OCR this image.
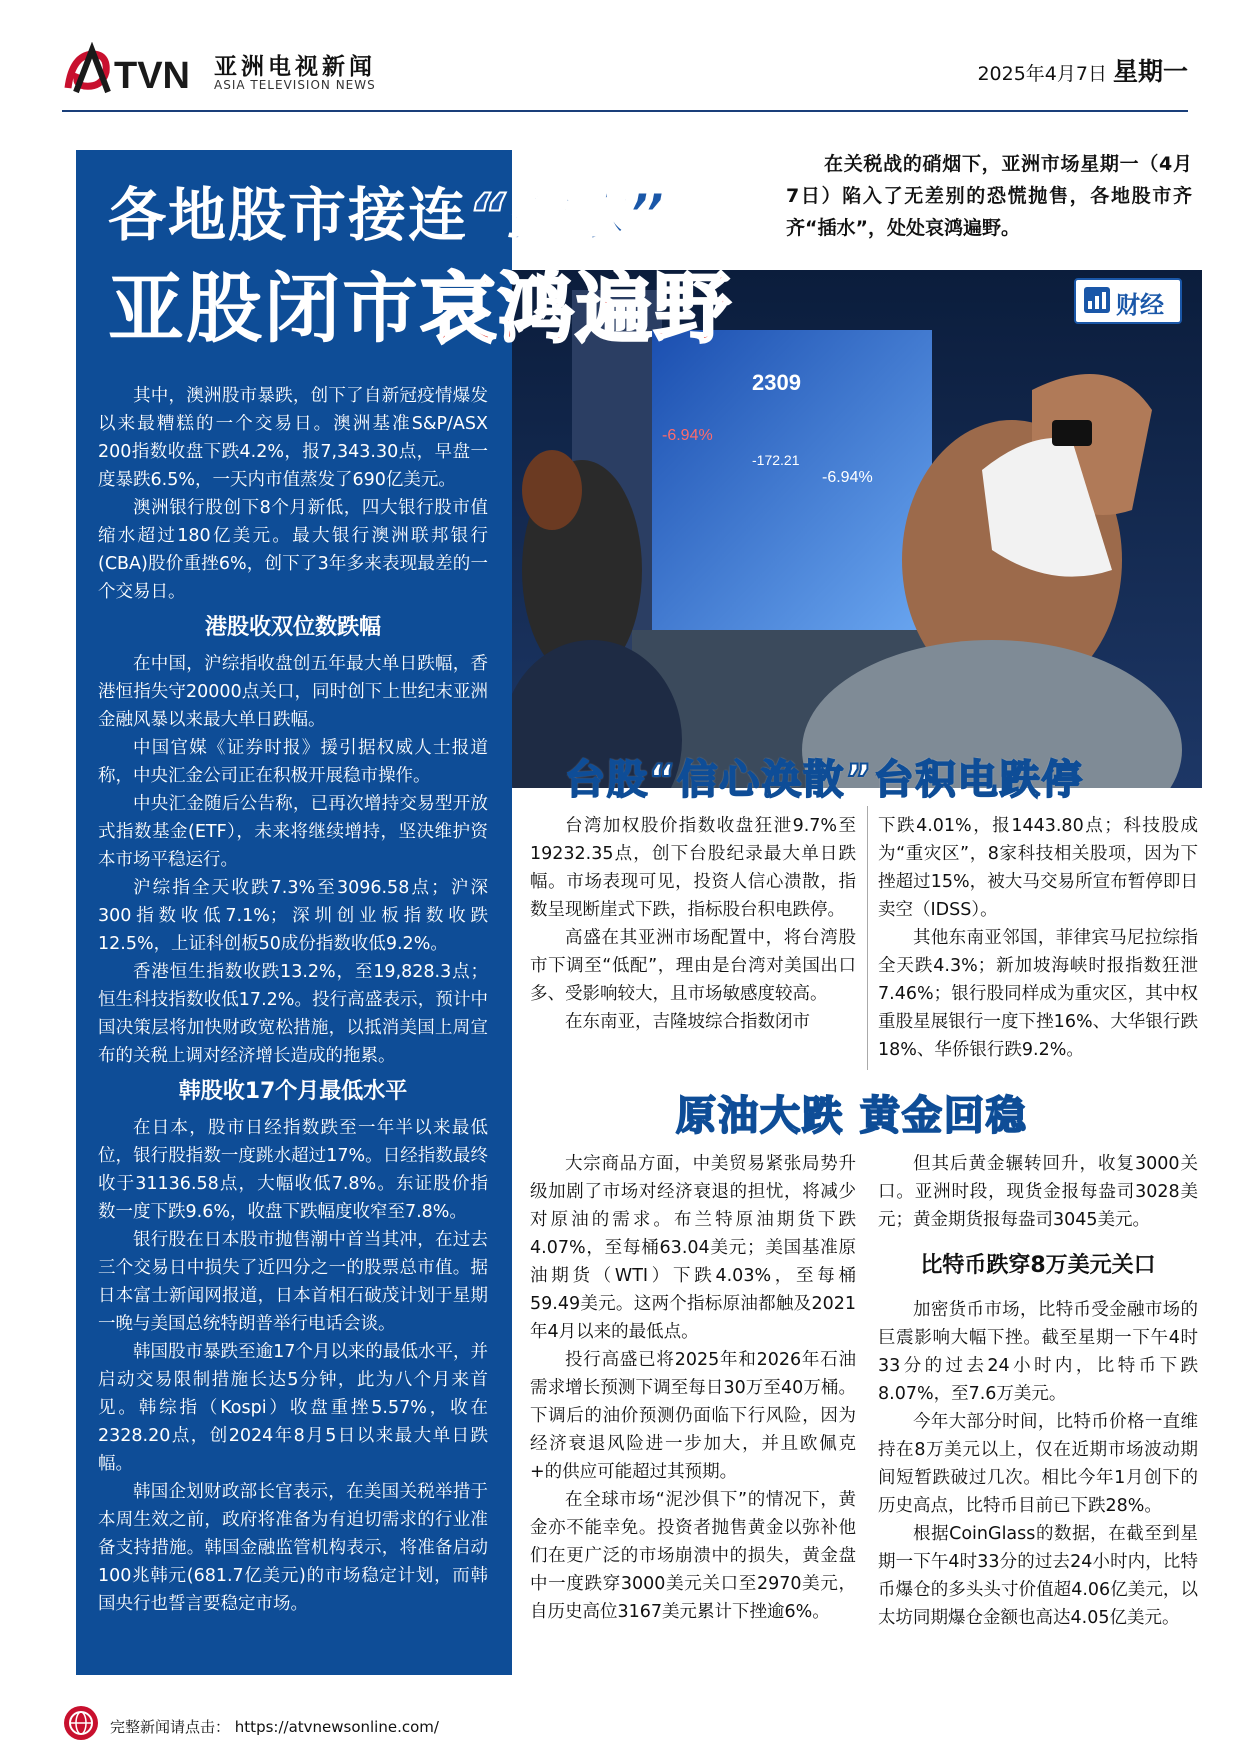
TVN 亚洲电视新闻
ASIA TELEVISION NEWS	2025年4月7日 星期一
2309
-6.94%
-6.94%
-172.21
各地股市接连“插水”
亚股闭市哀鸿遍野
在关税战的硝烟下，亚洲市场星期一（4月7日）陷入了无差别的恐慌抛售，各地股市齐齐“插水”，处处哀鸿遍野。
财经

其中，澳洲股市暴跌，创下了自新冠疫情爆发以来最糟糕的一个交易日。澳洲基准S&P/ASX 200指数收盘下跌4.2%，报7,343.30点，早盘一度暴跌6.5%，一天内市值蒸发了690亿美元。

澳洲银行股创下8个月新低，四大银行股市值缩水超过180亿美元。最大银行澳洲联邦银行(CBA)股价重挫6%，创下了3年多来表现最差的一个交易日。

港股收双位数跌幅

在中国，沪综指收盘创五年最大单日跌幅，香港恒指失守20000点关口，同时创下上世纪末亚洲金融风暴以来最大单日跌幅。

中国官媒《证券时报》援引据权威人士报道称，中央汇金公司正在积极开展稳市操作。

中央汇金随后公告称，已再次增持交易型开放式指数基金(ETF），未来将继续增持，坚决维护资本市场平稳运行。

沪综指全天收跌7.3%至3096.58点；沪深300指数收低7.1%；深圳创业板指数收跌12.5%，上证科创板50成份指数收低9.2%。

香港恒生指数收跌13.2%，至19,828.3点；恒生科技指数收低17.2%。投行高盛表示，预计中国决策层将加快财政宽松措施，以抵消美国上周宣布的关税上调对经济增长造成的拖累。

韩股收17个月最低水平

在日本，股市日经指数跌至一年半以来最低位，银行股指数一度跳水超过17%。日经指数最终收于31136.58点，大幅收低7.8%。东证股价指数一度下跌9.6%，收盘下跌幅度收窄至7.8%。

银行股在日本股市抛售潮中首当其冲，在过去三个交易日中损失了近四分之一的股票总市值。据日本富士新闻网报道，日本首相石破茂计划于星期一晚与美国总统特朗普举行电话会谈。

韩国股市暴跌至逾17个月以来的最低水平，并启动交易限制措施长达5分钟，此为八个月来首见。韩综指（Kospi）收盘重挫5.57%，收在2328.20点，创2024年8月5日以来最大单日跌幅。

韩国企划财政部长官表示，在美国关税举措于本周生效之前，政府将准备为有迫切需求的行业准备支持措施。韩国金融监管机构表示，将准备启动100兆韩元(681.7亿美元)的市场稳定计划，而韩国央行也誓言要稳定市场。

台股“信心涣散”台积电跌停

台湾加权股价指数收盘狂泄9.7%至19232.35点，创下台股纪录最大单日跌幅。市场表现可见，投资人信心溃散，指数呈现断崖式下跌，指标股台积电跌停。

高盛在其亚洲市场配置中，将台湾股市下调至“低配”，理由是台湾对美国出口多、受影响较大，且市场敏感度较高。

在东南亚，吉隆坡综合指数闭市

下跌4.01%，报1443.80点；科技股成为“重灾区”，8家科技相关股项，因为下挫超过15%，被大马交易所宣布暂停即日卖空（IDSS）。

其他东南亚邻国，菲律宾马尼拉综指全天跌4.3%；新加坡海峡时报指数狂泄7.46%；银行股同样成为重灾区，其中权重股星展银行一度下挫16%、大华银行跌18%、华侨银行跌9.2%。

原油大跌 黄金回稳

大宗商品方面，中美贸易紧张局势升级加剧了市场对经济衰退的担忧，将减少对原油的需求。布兰特原油期货下跌4.07%，至每桶63.04美元；美国基准原油期货（WTI）下跌4.03%，至每桶59.49美元。这两个指标原油都触及2021年4月以来的最低点。

投行高盛已将2025年和2026年石油需求增长预测下调至每日30万至40万桶。下调后的油价预测仍面临下行风险，因为经济衰退风险进一步加大，并且欧佩克+的供应可能超过其预期。

在全球市场“泥沙俱下”的情况下，黄金亦不能幸免。投资者抛售黄金以弥补他们在更广泛的市场崩溃中的损失，黄金盘中一度跌穿3000美元关口至2970美元，自历史高位3167美元累计下挫逾6%。

但其后黄金辗转回升，收复3000关口。亚洲时段，现货金报每盎司3028美元；黄金期货报每盎司3045美元。

比特币跌穿8万美元关口

加密货币市场，比特币受金融市场的巨震影响大幅下挫。截至星期一下午4时33分的过去24小时内，比特币下跌8.07%，至7.6万美元。

今年大部分时间，比特币价格一直维持在8万美元以上，仅在近期市场波动期间短暂跌破过几次。相比今年1月创下的历史高点，比特币目前已下跌28%。

根据CoinGlass的数据，在截至到星期一下午4时33分的过去24小时内，比特币爆仓的多头头寸价值超4.06亿美元，以太坊同期爆仓金额也高达4.05亿美元。

完整新闻请点击： https://atvnewsonline.com/
